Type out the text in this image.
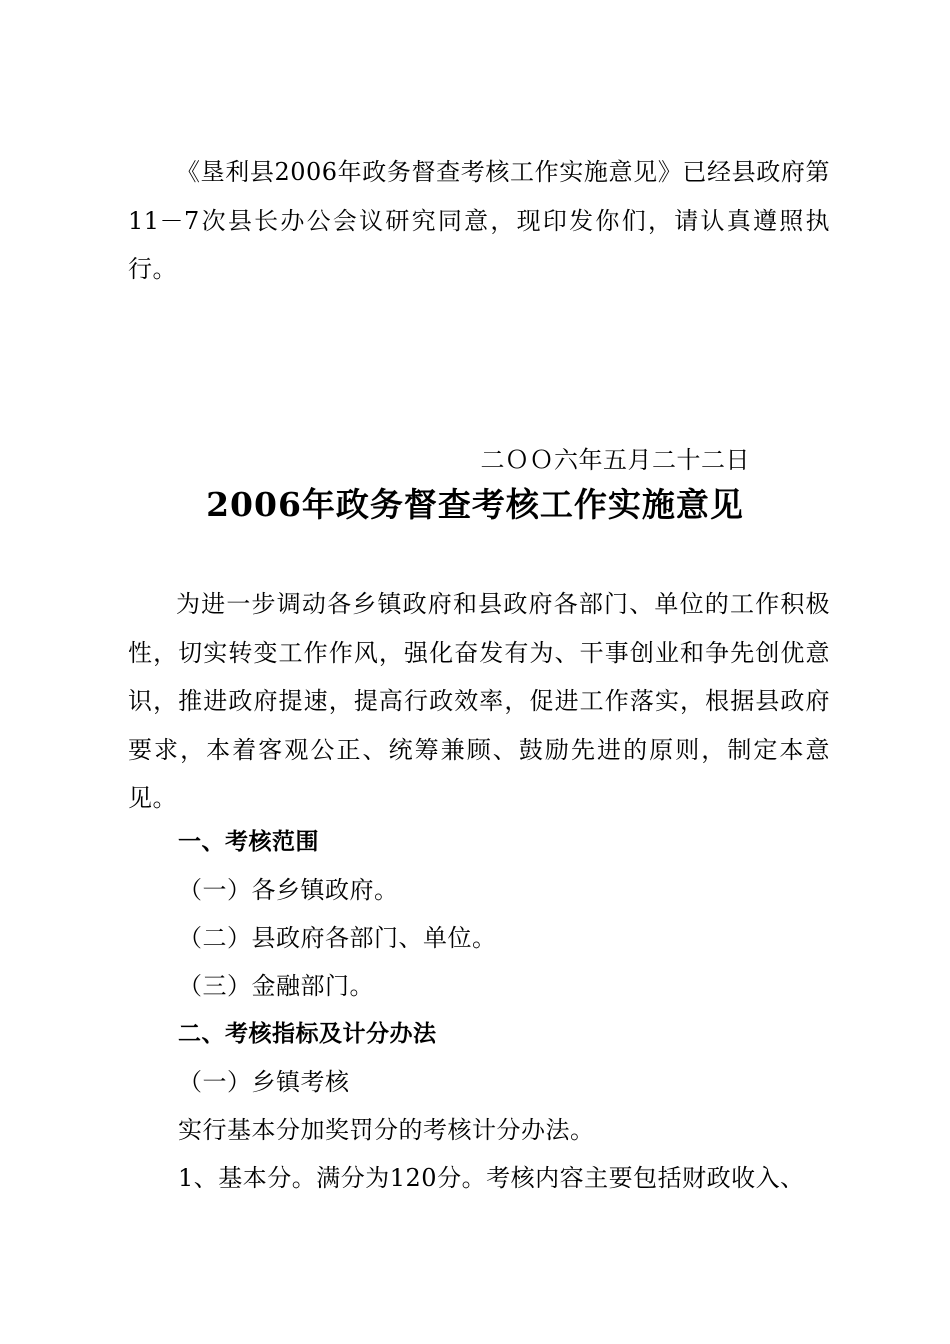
《垦利县2006年政务督查考核工作实施意见》已经县政府第11－7次县长办公会议研究同意，现印发你们，请认真遵照执行。

二ＯＯ六年五月二十二日

2006年政务督查考核工作实施意见

为进一步调动各乡镇政府和县政府各部门、单位的工作积极性，切实转变工作作风，强化奋发有为、干事创业和争先创优意识，推进政府提速，提高行政效率，促进工作落实，根据县政府要求，本着客观公正、统筹兼顾、鼓励先进的原则，制定本意见。

一、考核范围

（一）各乡镇政府。

（二）县政府各部门、单位。

（三）金融部门。

二、考核指标及计分办法

（一）乡镇考核

实行基本分加奖罚分的考核计分办法。

1、基本分。满分为120分。考核内容主要包括财政收入、
